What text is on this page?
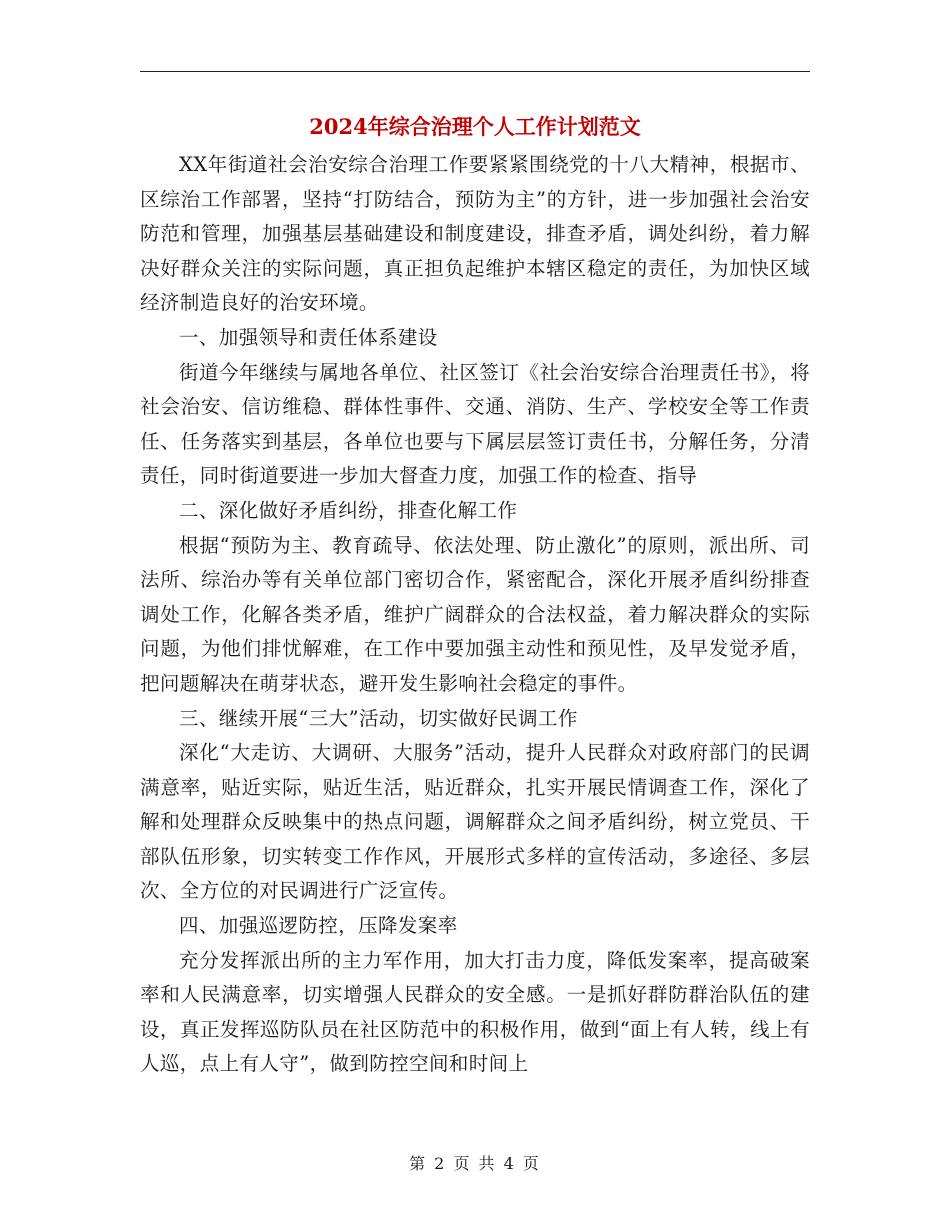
2024年综合治理个人工作计划范文

XX年街道社会治安综合治理工作要紧紧围绕党的十八大精神，根据市、区综治工作部署，坚持“打防结合，预防为主”的方针，进一步加强社会治安防范和管理，加强基层基础建设和制度建设，排查矛盾，调处纠纷，着力解决好群众关注的实际问题，真正担负起维护本辖区稳定的责任，为加快区域经济制造良好的治安环境。

一、加强领导和责任体系建设

街道今年继续与属地各单位、社区签订《社会治安综合治理责任书》，将社会治安、信访维稳、群体性事件、交通、消防、生产、学校安全等工作责任、任务落实到基层，各单位也要与下属层层签订责任书，分解任务，分清责任，同时街道要进一步加大督查力度，加强工作的检查、指导

二、深化做好矛盾纠纷，排查化解工作

根据“预防为主、教育疏导、依法处理、防止激化”的原则，派出所、司法所、综治办等有关单位部门密切合作，紧密配合，深化开展矛盾纠纷排查调处工作，化解各类矛盾，维护广阔群众的合法权益，着力解决群众的实际问题，为他们排忧解难，在工作中要加强主动性和预见性，及早发觉矛盾，把问题解决在萌芽状态，避开发生影响社会稳定的事件。

三、继续开展“三大”活动，切实做好民调工作

深化“大走访、大调研、大服务”活动，提升人民群众对政府部门的民调满意率，贴近实际，贴近生活，贴近群众，扎实开展民情调查工作，深化了解和处理群众反映集中的热点问题，调解群众之间矛盾纠纷，树立党员、干部队伍形象，切实转变工作作风，开展形式多样的宣传活动，多途径、多层次、全方位的对民调进行广泛宣传。

四、加强巡逻防控，压降发案率

充分发挥派出所的主力军作用，加大打击力度，降低发案率，提高破案率和人民满意率，切实增强人民群众的安全感。一是抓好群防群治队伍的建设，真正发挥巡防队员在社区防范中的积极作用，做到“面上有人转，线上有人巡，点上有人守”，做到防控空间和时间上

第 2 页 共 4 页
